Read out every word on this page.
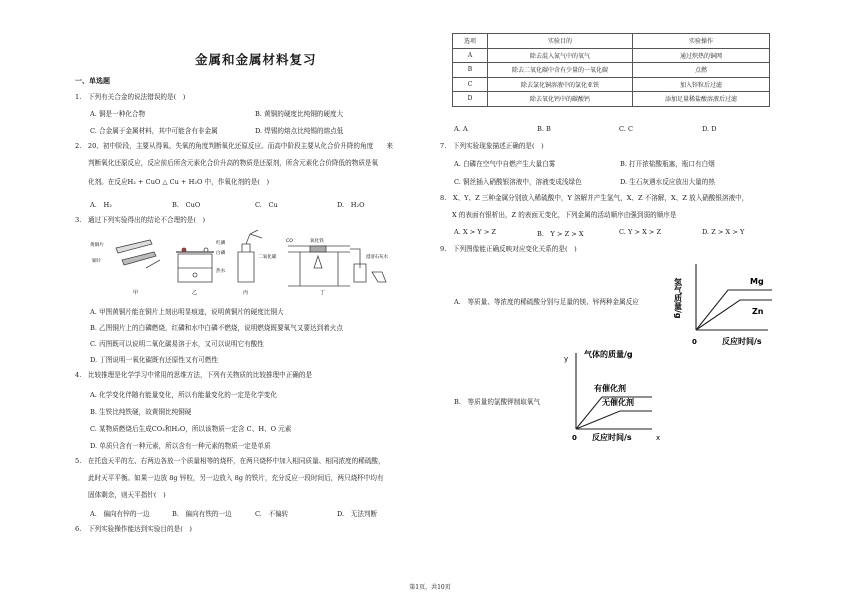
金属和金属材料复习
一、单选题
1.　下列有关合金的说法错误的是(　)
A. 铜是一种化合物	B. 黄铜的硬度比纯铜的硬度大
C. 合金属于金属材料，其中可能含有非金属	D. 焊锡的熔点比纯锡的熔点低
2.　20、初中阶段，主要从得氧、失氧的角度判断氧化还原反应。而高中阶段主要从化合价升降的角度　　来
判断氧化还原反应，反应前后所含元素化合价升高的物质是还原剂，所含元素化合价降低的物质是氧
化剂。在反应H₂ + CuO △ Cu + H₂O 中，作氧化剂的是(　)
A.　H₂	B.　CuO	C.　Cu	D.　H₂O
3.　通过下列实验得出的结论不合理的是(　)
黄铜片
铜片
甲
红磷
白磷
热水
乙
二氧化碳
丙
CO	氧化铁
澄清石灰水
丁
A. 甲图黄铜片能在铜片上刻出明显痕迹，说明黄铜片的硬度比铜大
B. 乙图铜片上的白磷燃烧，红磷和水中白磷不燃烧，说明燃烧既要氧气又要达到着火点
C. 丙图既可以说明二氧化碳易溶于水，又可以说明它有酸性
D. 丁图说明一氧化碳既有还原性又有可燃性
4.　比较推理是化学学习中常用的思维方法，下列有关物质的比较推理中正确的是
A. 化学变化伴随有能量变化，所以有能量变化的一定是化学变化
B. 生铁比纯铁硬，故黄铜比纯铜硬
C. 某物质燃烧后生成CO₂和H₂O，所以该物质一定含 C、H、O 元素
D. 单质只含有一种元素，所以含有一种元素的物质一定是单质
5.　在托盘天平的左、右两边各放一个质量相等的烧杯，在两只烧杯中加入相同质量、相同浓度的稀硫酸，
此时天平平衡。如果一边放 8g 锌粒，另一边放入 8g 的铁片，充分反应一段时间后，两只烧杯中均有
固体剩余，则天平指针(　)
A.　偏向有锌的一边	B.　偏向有铁的一边	C.　不偏转	D.　无法判断
6.　下列实验操作能达到实验目的是(　)
选项	实验目的	实验操作
A	除去混入氮气中的氧气	通过炽热的铜网
B	除去二氧化碳中含有少量的一氧化碳	点燃
C	除去氯化铜溶液中的氯化亚铁	加入锌粒后过滤
D	除去氧化钙中的碳酸钙	添加足量稀盐酸溶液后过滤
A. A	B. B	C. C	D. D
7.　下列实验现象描述正确的是(　)
A. 白磷在空气中自燃产生大量白雾	B. 打开浓盐酸瓶塞，瓶口有白烟
C. 铜丝插入硝酸银溶液中，溶液变成浅绿色	D. 生石灰遇水反应放出大量的热
8.　X、Y、Z 三种金属分别放入稀硫酸中，Y 溶解并产生氢气，X、Z 不溶解，X、Z 放入硝酸银溶液中，
X 的表面有银析出，Z 的表面无变化，下列金属的活动顺序由强到弱的顺序是
A. X > Y > Z	B.　Y > Z > X	C. Y > X > Z	D. Z > X > Y
9.　下列图像能正确反映对应变化关系的是(　)
A.　等质量、等浓度的稀硫酸分别与足量的镁、锌两种金属反应
B.　等质量的氯酸钾制取氧气
氢气质量/g	Mg
Zn
0	反应时间/s
y 气体的质量/g
有催化剂
无催化剂
0 反应时间/s	x
第1页，共10页
